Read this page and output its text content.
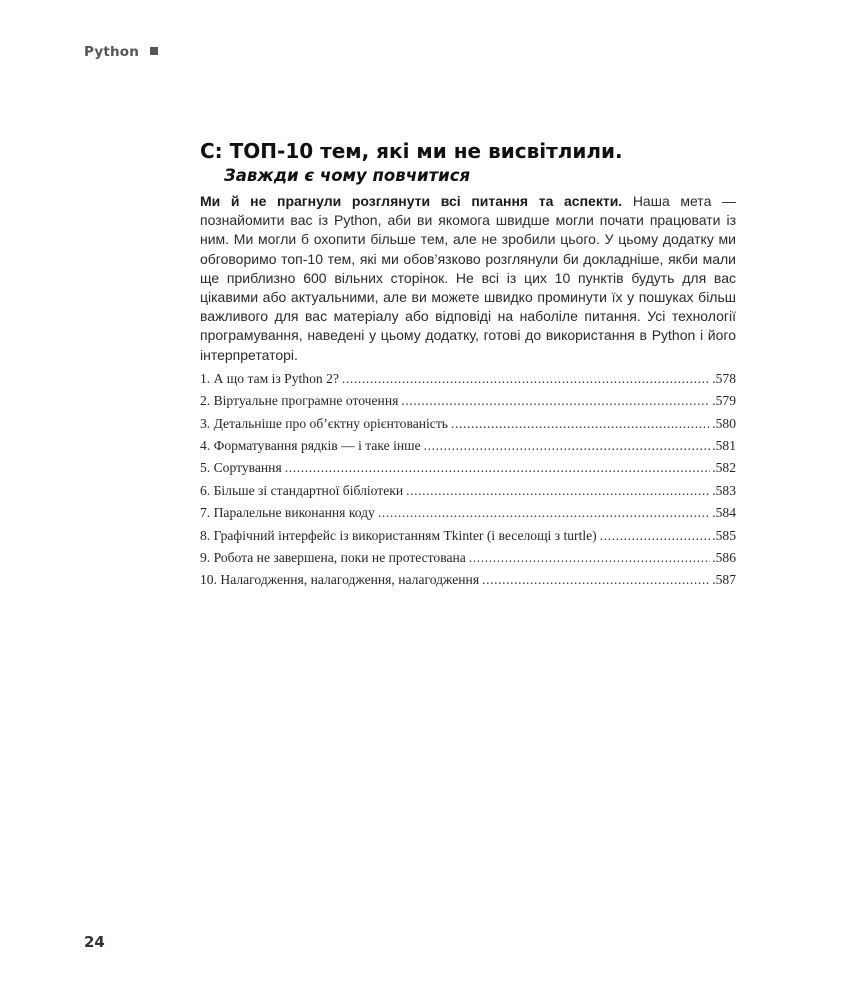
Python
С: ТОП-10 тем, які ми не висвітлили.
Завжди є чому повчитися

Ми й не прагнули розглянути всі питання та аспекти. Наша мета — познайомити вас із Python, аби ви якомога швидше могли почати працювати із ним. Ми могли б охопити більше тем, але не зробили цього. У цьому додатку ми обговоримо топ-10 тем, які ми обов’язково розглянули би докладніше, якби мали ще приблизно 600 вільних сторінок. Не всі із цих 10 пунктів будуть для вас цікавими або актуальними, але ви можете швидко проминути їх у пошуках більш важливого для вас матеріалу або відповіді на наболіле питання. Усі технології програмування, наведені у цьому додатку, готові до використання в Python і його інтерпретаторі.

1. А що там із Python 2? . . .	.578
2. Віртуальне програмне оточення . . .	.579
3. Детальніше про об’єктну орієнтованість . . .	.580
4. Форматування рядків — і таке інше . . .	.581
5. Сортування . . .	.582
6. Більше зі стандартної бібліотеки . . .	.583
7. Паралельне виконання коду . . .	.584
8. Графічний інтерфейс із використанням Tkinter (і веселощі з turtle) . . .	.585
9. Робота не завершена, поки не протестована . . .	.586
10. Налагодження, налагодження, налагодження . . .	.587
24
